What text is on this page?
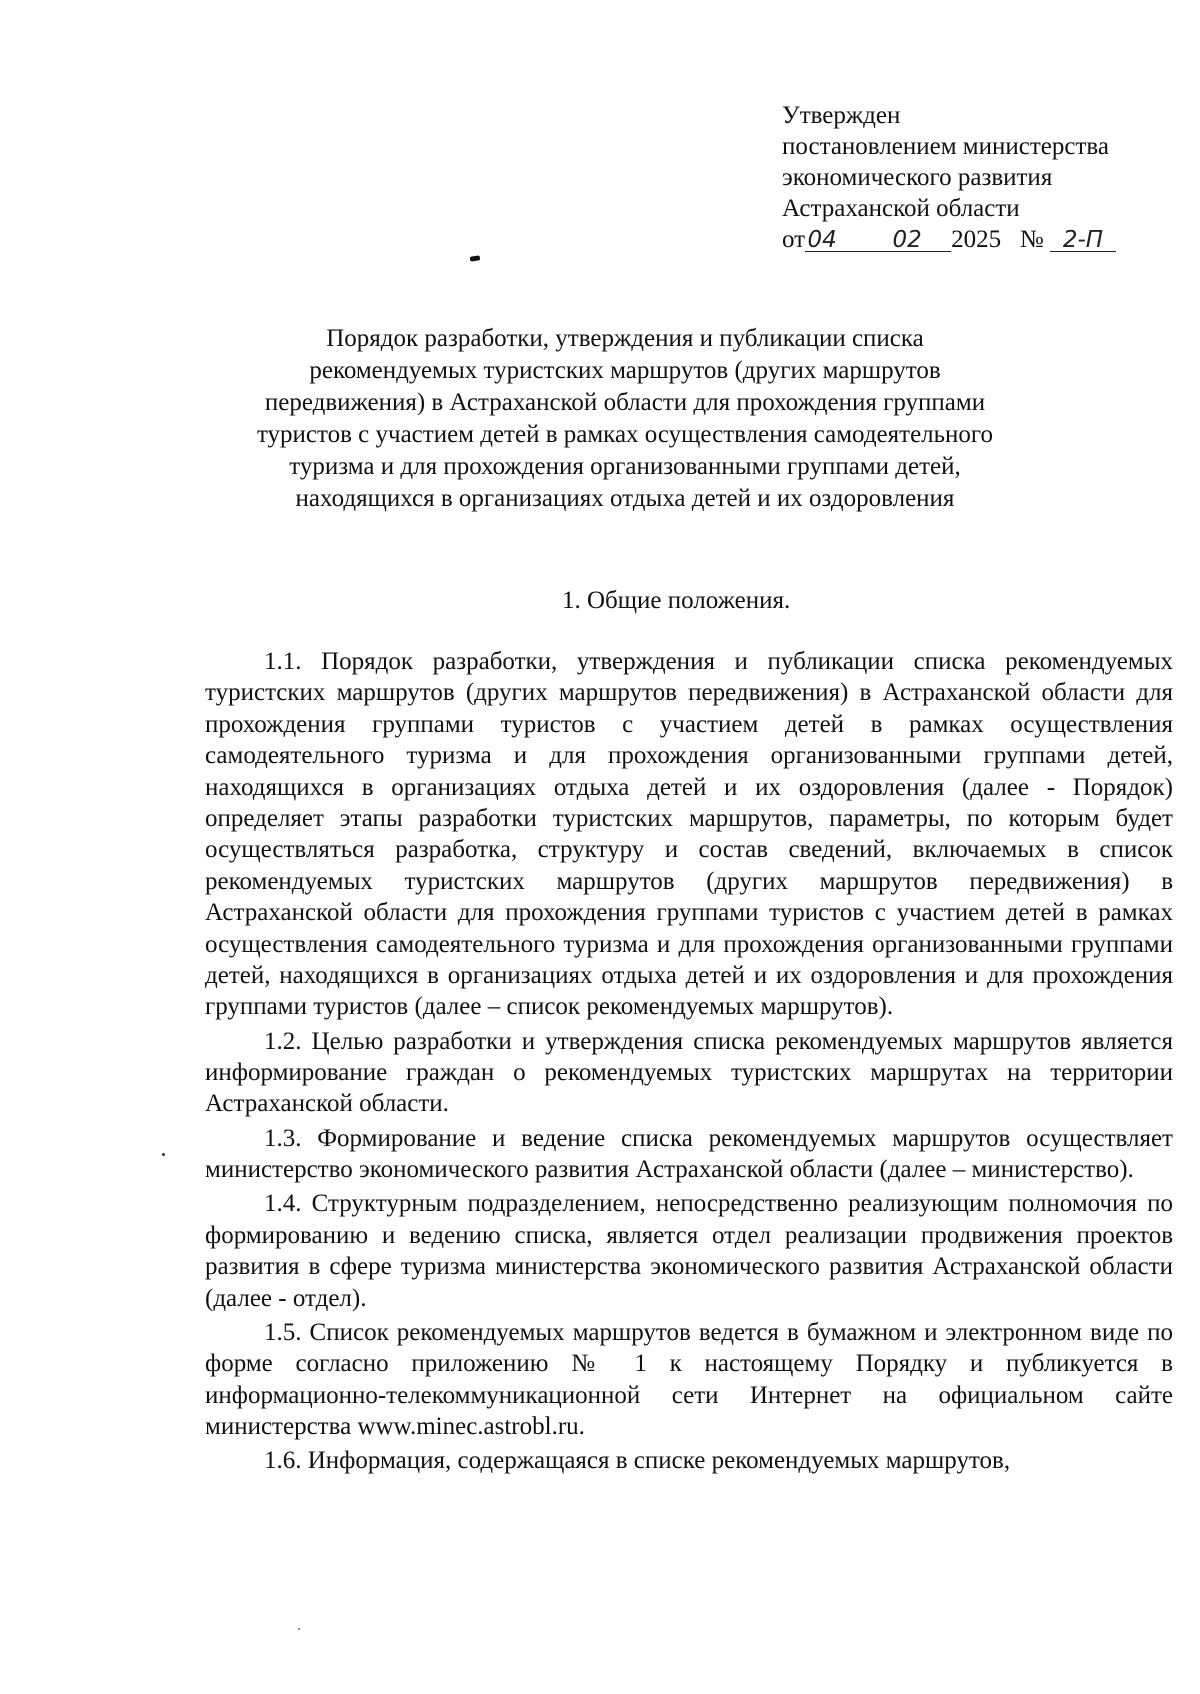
Утвержден
постановлением министерства
экономического развития
Астраханской области
от 04 02 2025 № 2-П
Порядок разработки, утверждения и публикации списка
рекомендуемых туристских маршрутов (других маршрутов
передвижения) в Астраханской области для прохождения группами
туристов с участием детей в рамках осуществления самодеятельного
туризма и для прохождения организованными группами детей,
находящихся в организациях отдыха детей и их оздоровления
1. Общие положения.

1.1. Порядок разработки, утверждения и публикации списка рекомендуемых туристских маршрутов (других маршрутов передвижения) в Астраханской области для прохождения группами туристов с участием детей в рамках осуществления самодеятельного туризма и для прохождения организованными группами детей, находящихся в организациях отдыха детей и их оздоровления (далее - Порядок) определяет этапы разработки туристских маршрутов, параметры, по которым будет осуществляться разработка, структуру и состав сведений, включаемых в список рекомендуемых туристских маршрутов (других маршрутов передвижения) в Астраханской области для прохождения группами туристов с участием детей в рамках осуществления самодеятельного туризма и для прохождения организованными группами детей, находящихся в организациях отдыха детей и их оздоровления и для прохождения группами туристов (далее – список рекомендуемых маршрутов).

1.2. Целью разработки и утверждения списка рекомендуемых маршрутов является информирование граждан о рекомендуемых туристских маршрутах на территории Астраханской области.

1.3. Формирование и ведение списка рекомендуемых маршрутов осуществляет министерство экономического развития Астраханской области (далее – министерство).

1.4. Структурным подразделением, непосредственно реализующим полномочия по формированию и ведению списка, является отдел реализации продвижения проектов развития в сфере туризма министерства экономического развития Астраханской области (далее - отдел).

1.5. Список рекомендуемых маршрутов ведется в бумажном и электронном виде по форме согласно приложению № 1 к настоящему Порядку и публикуется в информационно-телекоммуникационной сети Интернет на официальном сайте министерства www.minec.astrobl.ru.

1.6. Информация, содержащаяся в списке рекомендуемых маршрутов,
